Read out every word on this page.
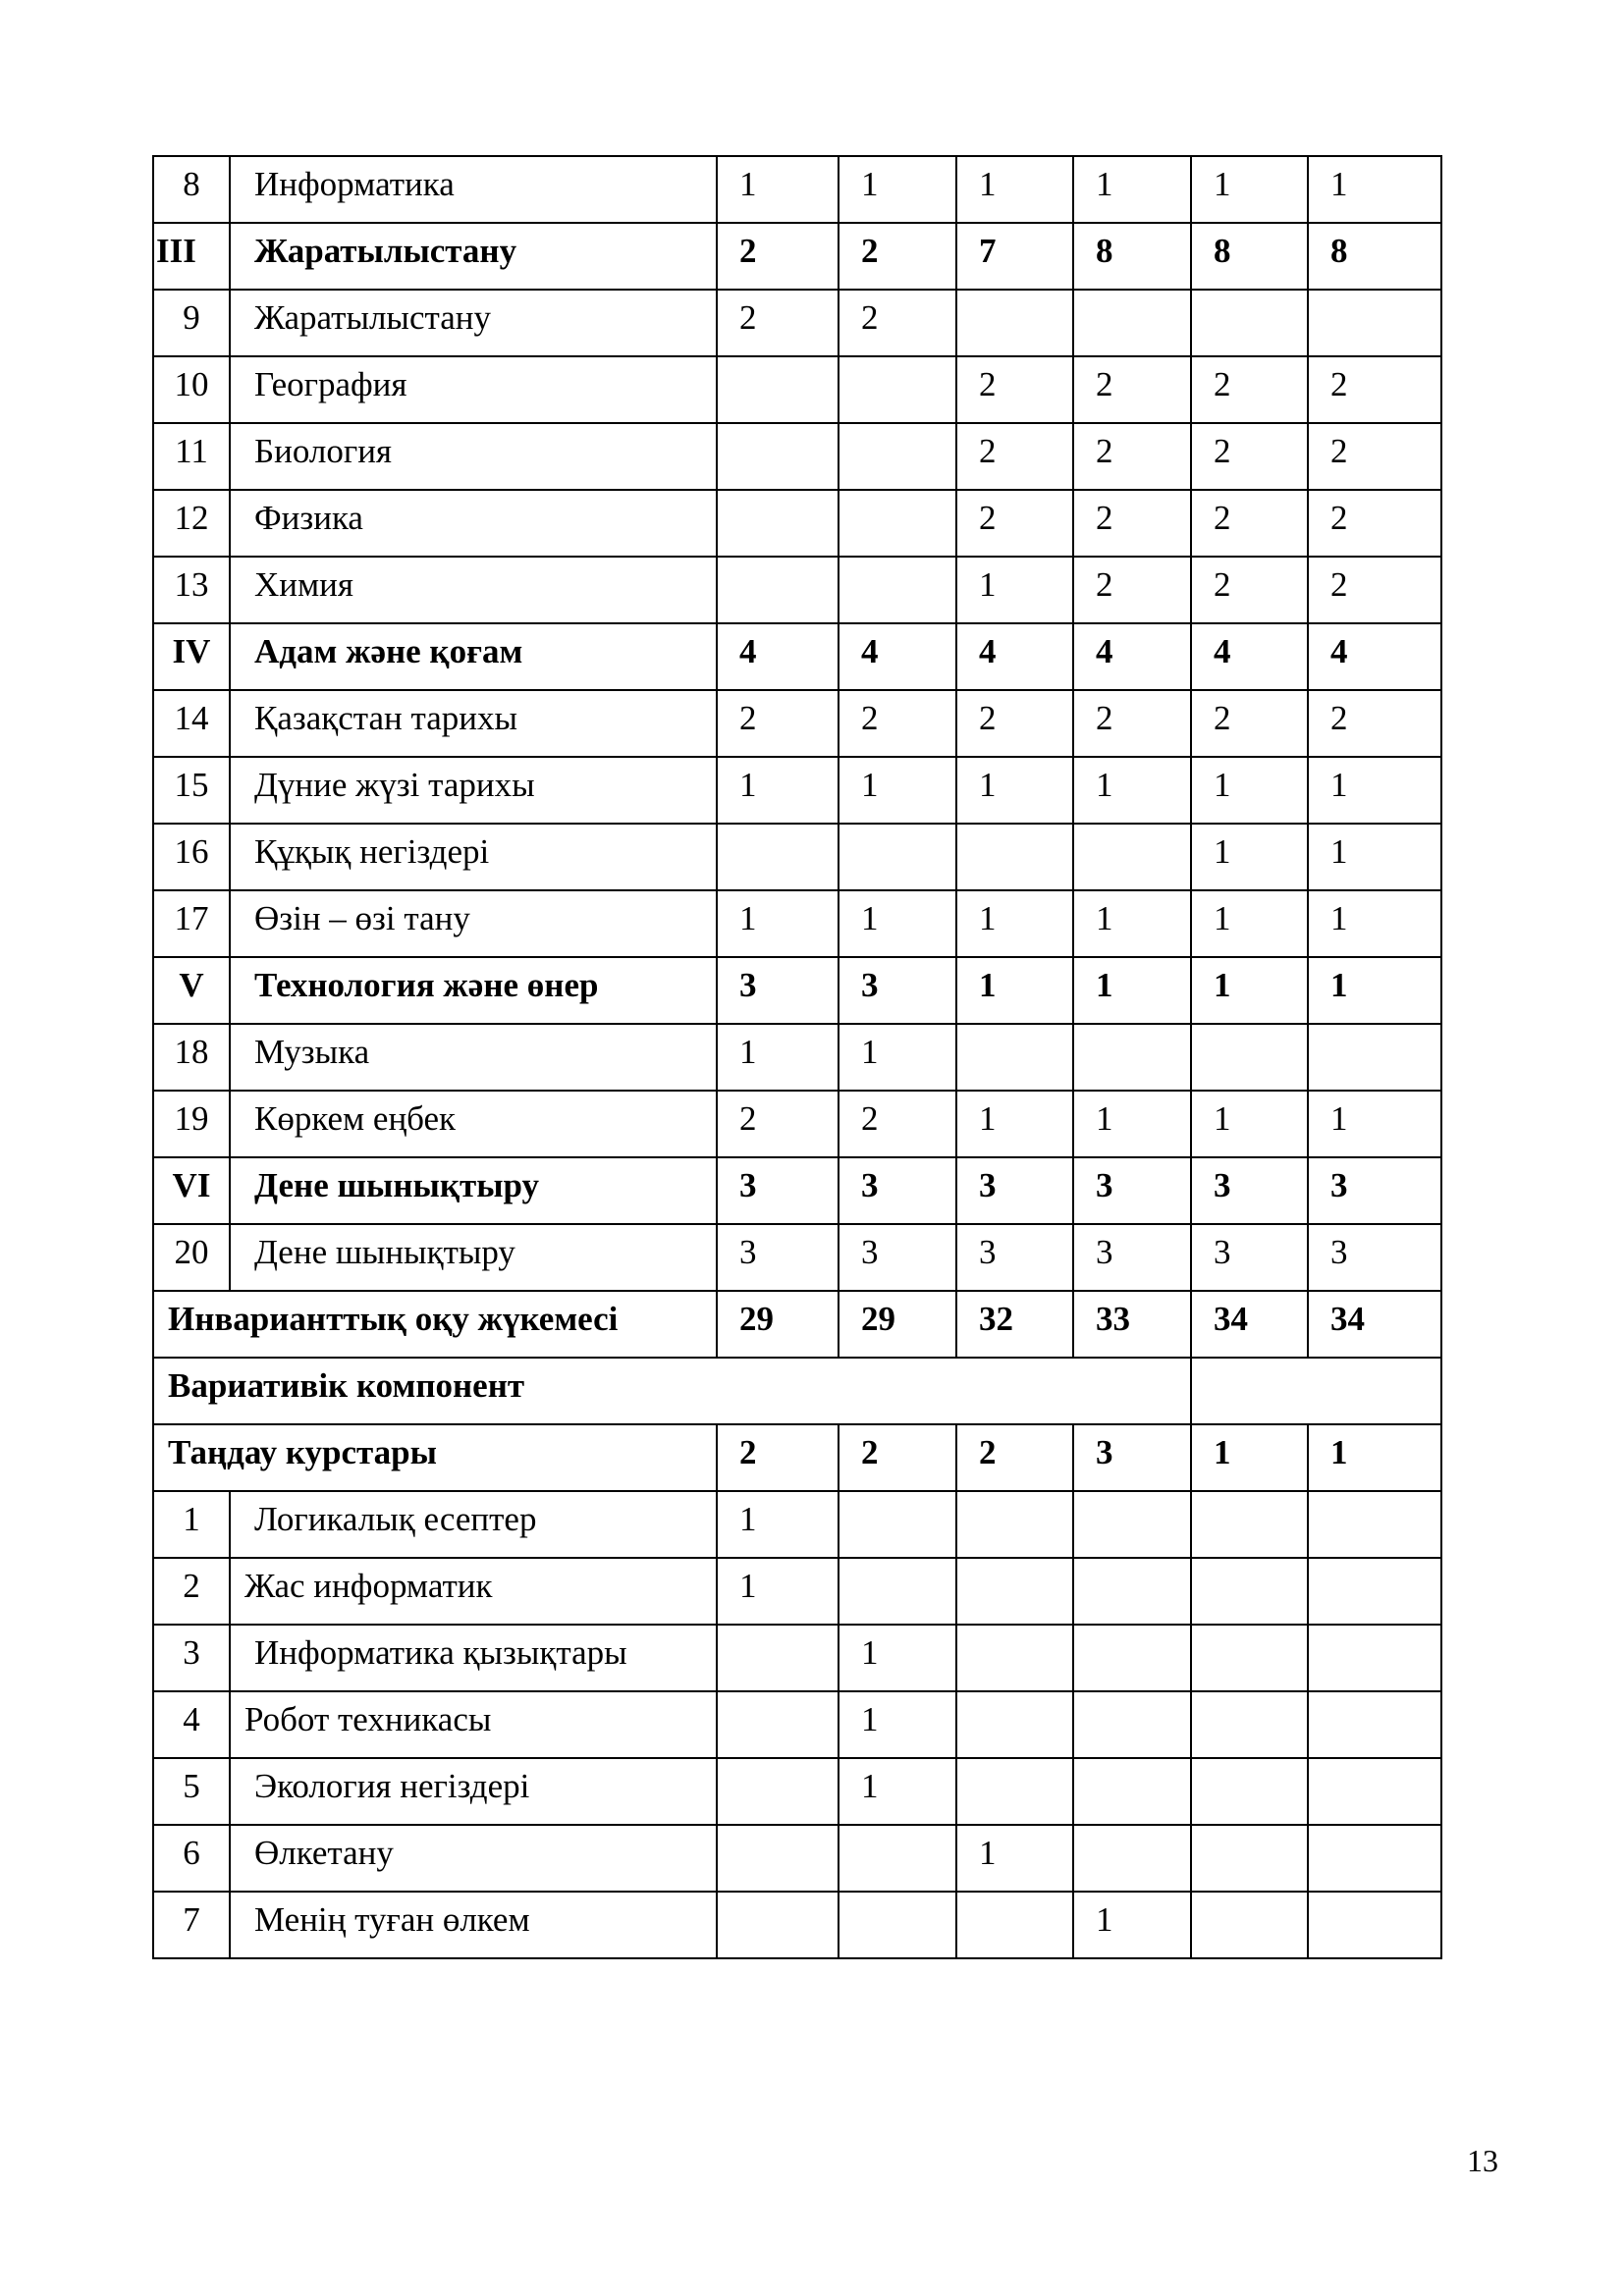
8	Информатика	1	1	1	1	1	1
III	Жаратылыстану	2	2	7	8	8	8
9	Жаратылыстану	2	2				
10	География			2	2	2	2
11	Биология			2	2	2	2
12	Физика			2	2	2	2
13	Химия			1	2	2	2
IV	Адам және қоғам	4	4	4	4	4	4
14	Қазақстан тарихы	2	2	2	2	2	2
15	Дүние жүзі тарихы	1	1	1	1	1	1
16	Құқық негіздері					1	1
17	Өзін – өзі тану	1	1	1	1	1	1
V	Технология және өнер	3	3	1	1	1	1
18	Музыка	1	1				
19	Көркем еңбек	2	2	1	1	1	1
VI	Дене шынықтыру	3	3	3	3	3	3
20	Дене шынықтыру	3	3	3	3	3	3
Инварианттық оқу жүкемесі		29	29	32	33	34	34
Вариативік компонент							
Таңдау курстары		2	2	2	3	1	1
1	Логикалық есептер	1					
2	Жас информатик	1					
3	Информатика қызықтары		1				
4	Робот техникасы		1				
5	Экология негіздері		1				
6	Өлкетану			1			
7	Менің туған өлкем				1		
13
